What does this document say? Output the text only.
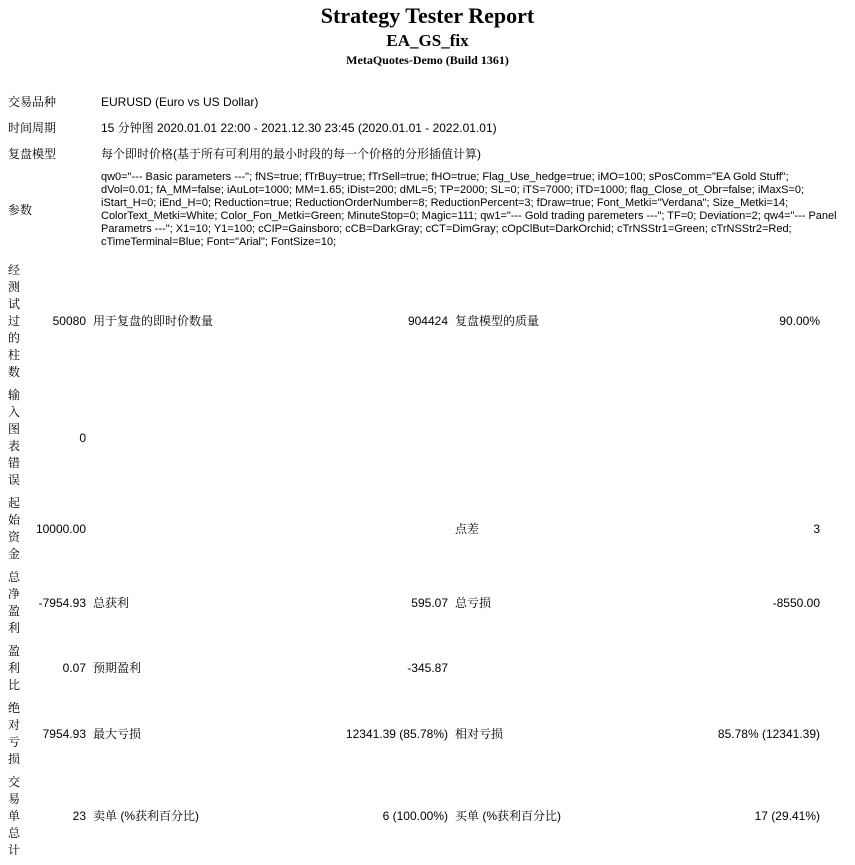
Strategy Tester Report
EA_GS_fix
MetaQuotes-Demo (Build 1361)
交易品种	EURUSD (Euro vs US Dollar)
时间周期	15 分钟图 2020.01.01 22:00 - 2021.12.30 23:45 (2020.01.01 - 2022.01.01)
复盘模型	每个即时价格(基于所有可利用的最小时段的每一个价格的分形插值计算)
参数	qw0="--- Basic parameters ---"; fNS=true; fTrBuy=true; fTrSell=true; fHO=true; Flag_Use_hedge=true; iMO=100; sPosComm="EA Gold Stuff"; dVol=0.01; fA_MM=false; iAuLot=1000; MM=1.65; iDist=200; dML=5; TP=2000; SL=0; iTS=7000; iTD=1000; flag_Close_ot_Obr=false; iMaxS=0; iStart_H=0; iEnd_H=0; Reduction=true; ReductionOrderNumber=8; ReductionPercent=3; fDraw=true; Font_Metki="Verdana"; Size_Metki=14; ColorText_Metki=White; Color_Fon_Metki=Green; MinuteStop=0; Magic=111; qw1="--- Gold trading paremeters ---"; TF=0; Deviation=2; qw4="--- Panel Parametrs ---"; X1=10; Y1=100; cCIP=Gainsboro; cCB=DarkGray; cCT=DimGray; cOpClBut=DarkOrchid; cTrNSStr1=Green; cTrNSStr2=Red; cTimeTerminal=Blue; Font="Arial"; FontSize=10;
经测试过的柱数	50080	用于复盘的即时价数量	904424	复盘模型的质量	90.00%
输入图表错误	0				
起始资金	10000.00			点差	3
总净盈利	-7954.93	总获利	595.07	总亏损	-8550.00
盈利比	0.07	预期盈利	-345.87		
绝对亏损	7954.93	最大亏损	12341.39 (85.78%)	相对亏损	85.78% (12341.39)
交易单总计	23	卖单 (%获利百分比)	6 (100.00%)	买单 (%获利百分比)	17 (29.41%)
